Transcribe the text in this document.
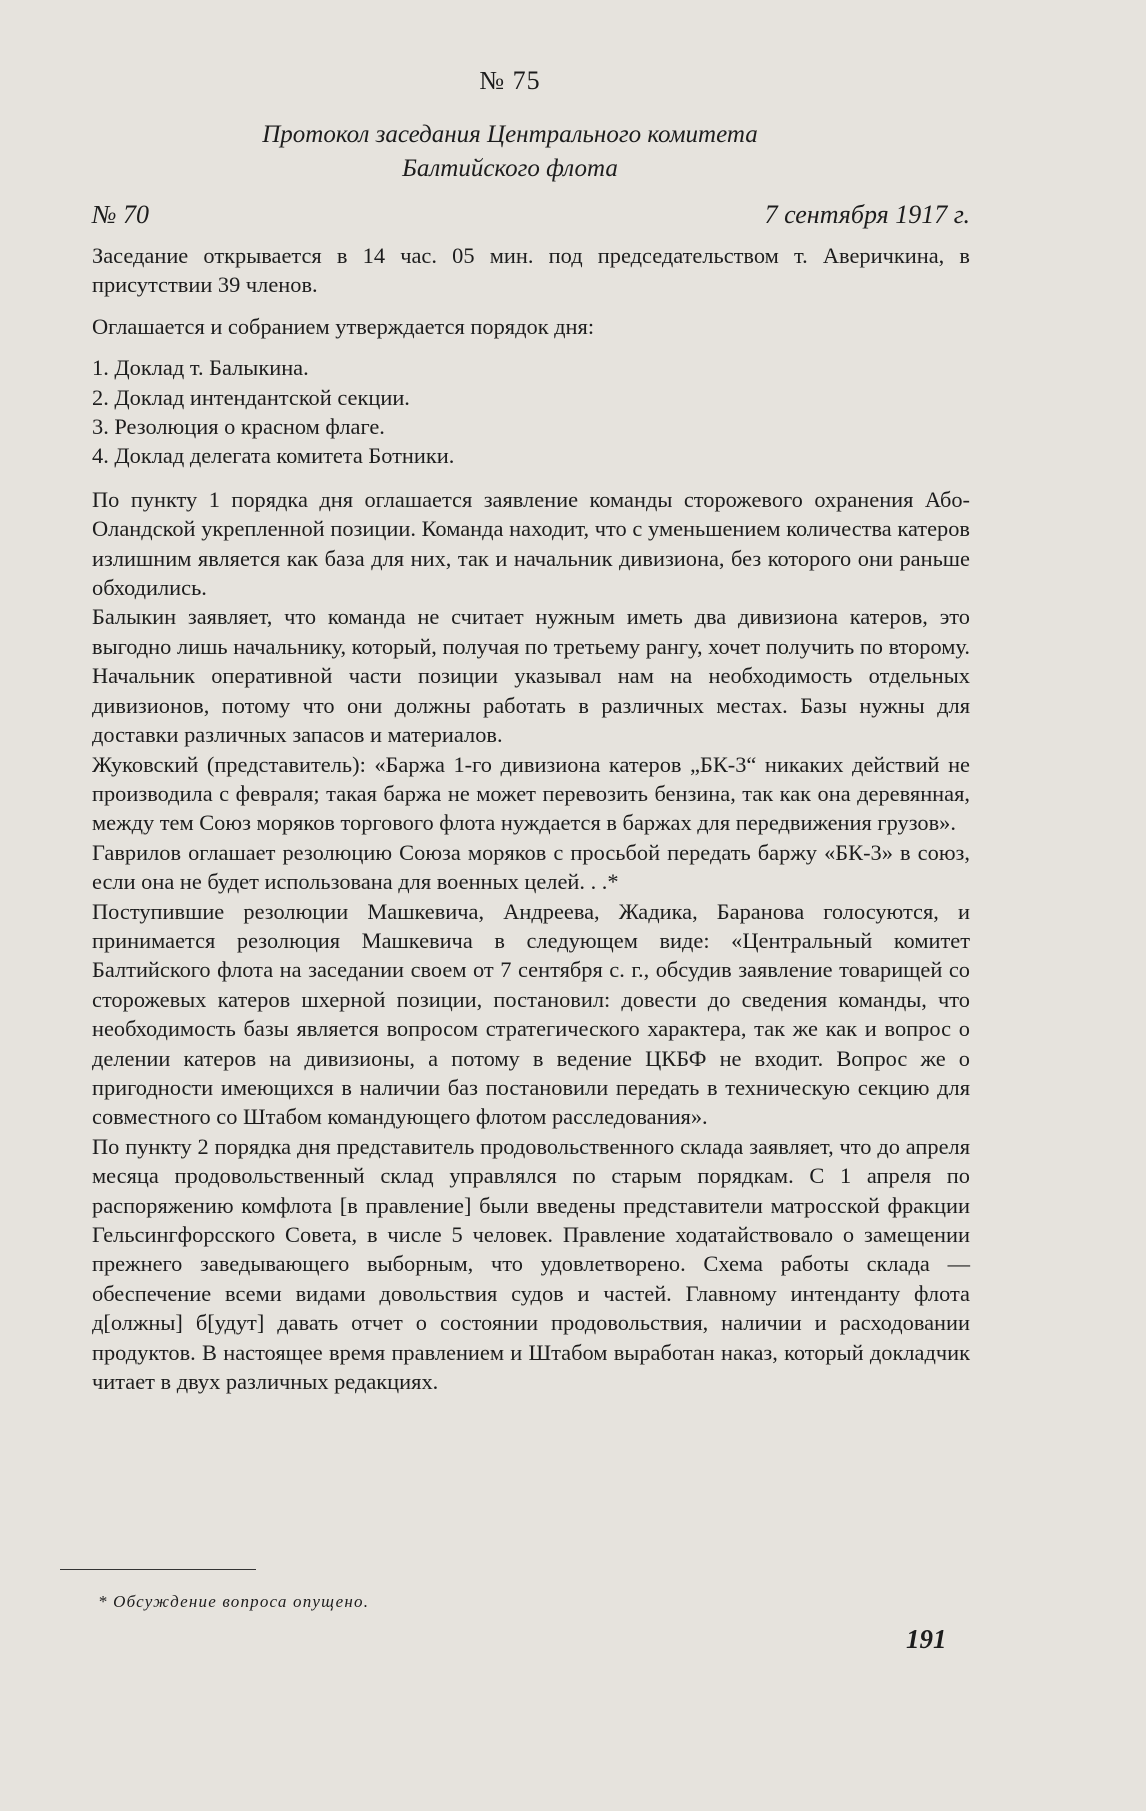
№ 75
Протокол заседания Центрального комитета
Балтийского флота
№ 70	7 сентября 1917 г.

Заседание открывается в 14 час. 05 мин. под председательством т. Аверичкина, в присутствии 39 членов.

Оглашается и собранием утверждается порядок дня:

1. Доклад т. Балыкина.

2. Доклад интендантской секции.

3. Резолюция о красном флаге.

4. Доклад делегата комитета Ботники.

По пункту 1 порядка дня оглашается заявление команды сторожевого охранения Або-Оландской укрепленной позиции. Команда находит, что с уменьшением количества катеров излишним является как база для них, так и начальник дивизиона, без которого они раньше обходились.

Балыкин заявляет, что команда не считает нужным иметь два дивизиона катеров, это выгодно лишь начальнику, который, получая по третьему рангу, хочет получить по второму. Начальник оперативной части позиции указывал нам на необходимость отдельных дивизионов, потому что они должны работать в различных местах. Базы нужны для доставки различных запасов и материалов.

Жуковский (представитель): «Баржа 1-го дивизиона катеров „БК-3“ никаких действий не производила с февраля; такая баржа не может перевозить бензина, так как она деревянная, между тем Союз моряков торгового флота нуждается в баржах для передвижения грузов».

Гаврилов оглашает резолюцию Союза моряков с просьбой передать баржу «БК-3» в союз, если она не будет использована для военных целей. . .*

Поступившие резолюции Машкевича, Андреева, Жадика, Баранова голосуются, и принимается резолюция Машкевича в следующем виде: «Центральный комитет Балтийского флота на заседании своем от 7 сентября с. г., обсудив заявление товарищей со сторожевых катеров шхерной позиции, постановил: довести до сведения команды, что необходимость базы является вопросом стратегического характера, так же как и вопрос о делении катеров на дивизионы, а потому в ведение ЦКБФ не входит. Вопрос же о пригодности имеющихся в наличии баз постановили передать в техническую секцию для совместного со Штабом командующего флотом расследования».

По пункту 2 порядка дня представитель продовольственного склада заявляет, что до апреля месяца продовольственный склад управлялся по старым порядкам. С 1 апреля по распоряжению комфлота [в правление] были введены представители матросской фракции Гельсингфорсского Совета, в числе 5 человек. Правление ходатайствовало о замещении прежнего заведывающего выборным, что удовлетворено. Схема работы склада — обеспечение всеми видами довольствия судов и частей. Главному интенданту флота д[олжны] б[удут] давать отчет о состоянии продовольствия, наличии и расходовании продуктов. В настоящее время правлением и Штабом выработан наказ, который докладчик читает в двух различных редакциях.

* Обсуждение вопроса опущено.
191
